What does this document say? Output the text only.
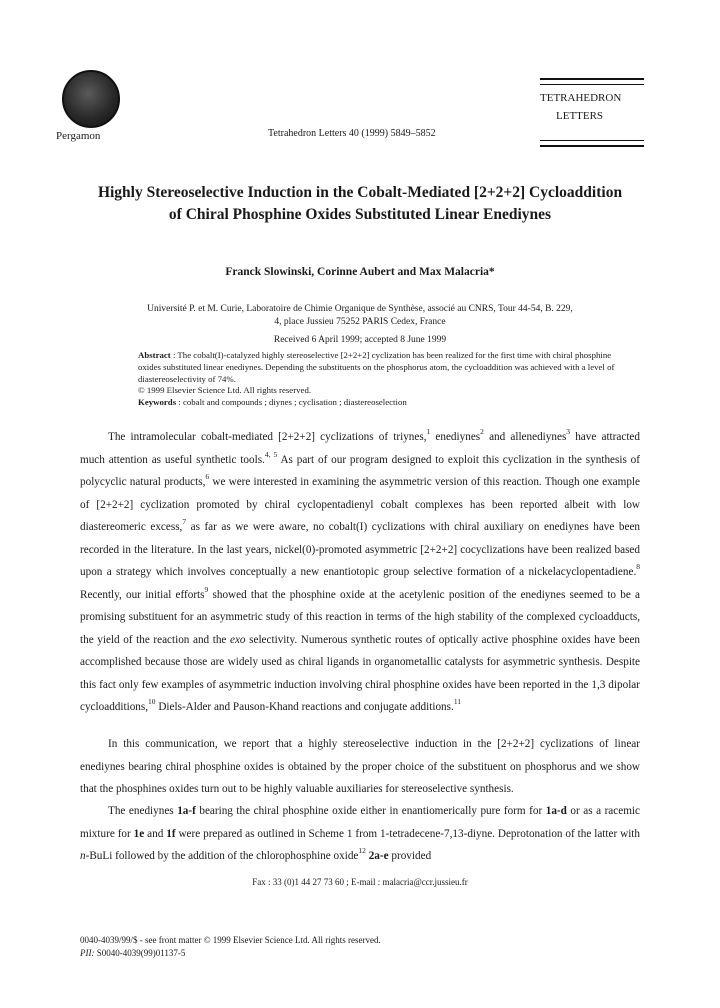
Pergamon	Tetrahedron Letters 40 (1999) 5849–5852
TETRAHEDRON
LETTERS
Highly Stereoselective Induction in the Cobalt-Mediated [2+2+2] Cycloaddition
of Chiral Phosphine Oxides Substituted Linear Enediynes
Franck Slowinski, Corinne Aubert and Max Malacria*
Université P. et M. Curie, Laboratoire de Chimie Organique de Synthèse, associé au CNRS, Tour 44-54, B. 229,
4, place Jussieu 75252 PARIS Cedex, France
Received 6 April 1999; accepted 8 June 1999
Abstract : The cobalt(I)-catalyzed highly stereoselective [2+2+2] cyclization has been realized for the first time with chiral phosphine oxides substituted linear enediynes. Depending the substituents on the phosphorus atom, the cycloaddition was achieved with a level of diastereoselectivity of 74%.
© 1999 Elsevier Science Ltd. All rights reserved.
Keywords : cobalt and compounds ; diynes ; cyclisation ; diastereoselection

The intramolecular cobalt-mediated [2+2+2] cyclizations of triynes,$^1$ enediynes$^2$ and allenediynes$^3$ have attracted much attention as useful synthetic tools.$^{4, 5}$ As part of our program designed to exploit this cyclization in the synthesis of polycyclic natural products,$^6$ we were interested in examining the asymmetric version of this reaction. Though one example of [2+2+2] cyclization promoted by chiral cyclopentadienyl cobalt complexes has been reported albeit with low diastereomeric excess,$^7$ as far as we were aware, no cobalt(I) cyclizations with chiral auxiliary on enediynes have been recorded in the literature. In the last years, nickel(0)-promoted asymmetric [2+2+2] cocyclizations have been realized based upon a strategy which involves conceptually a new enantiotopic group selective formation of a nickelacyclopentadiene.$^8$ Recently, our initial efforts$^9$ showed that the phosphine oxide at the acetylenic position of the enediynes seemed to be a promising substituent for an asymmetric study of this reaction in terms of the high stability of the complexed cycloadducts, the yield of the reaction and the exo selectivity. Numerous synthetic routes of optically active phosphine oxides have been accomplished because those are widely used as chiral ligands in organometallic catalysts for asymmetric synthesis. Despite this fact only few examples of asymmetric induction involving chiral phosphine oxides have been reported in the 1,3 dipolar cycloadditions,$^{10}$ Diels-Alder and Pauson-Khand reactions and conjugate additions.$^{11}$

In this communication, we report that a highly stereoselective induction in the [2+2+2] cyclizations of linear enediynes bearing chiral phosphine oxides is obtained by the proper choice of the substituent on phosphorus and we show that the phosphines oxides turn out to be highly valuable auxiliaries for stereoselective synthesis.

The enediynes 1a-f bearing the chiral phosphine oxide either in enantiomerically pure form for 1a-d or as a racemic mixture for 1e and 1f were prepared as outlined in Scheme 1 from 1-tetradecene-7,13-diyne. Deprotonation of the latter with n-BuLi followed by the addition of the chlorophosphine oxide$^{12}$ 2a-e provided

Fax : 33 (0)1 44 27 73 60 ; E-mail : malacria@ccr.jussieu.fr
0040-4039/99/$ - see front matter © 1999 Elsevier Science Ltd. All rights reserved.
PII: S0040-4039(99)01137-5
